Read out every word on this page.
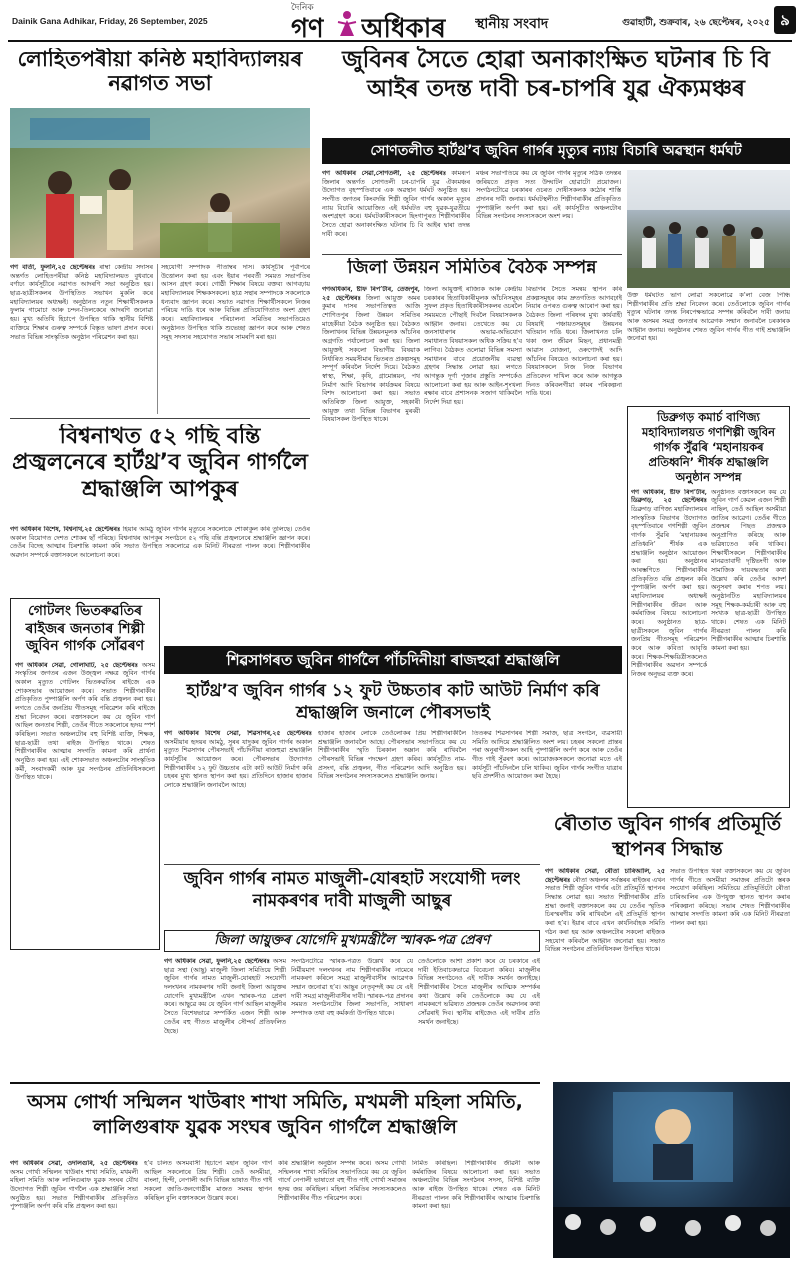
Dainik Gana Adhikar, Friday, 26 September, 2025
দৈনিক
গণ অধিকাৰ স্থানীয় সংবাদ	গুৱাহাটী, শুক্ৰবাৰ, ২৬ ছেপ্টেম্বৰ, ২০২৫ ৯
লোহিতপৰীয়া কনিষ্ঠ মহাবিদ্যালয়ৰ নৱাগত সভা
গণ বাৰ্তা, ফুলনি,২৫ ছেপ্টেম্বৰঃ ৰাম্বা কেন্দ্ৰীয় সদাসৰ অন্তৰ্গত লোহিতপৰীয়া কনিষ্ঠ মহাবিদ্যালয়ত বুধবাৰে বৰ্ণাঢ্য কাৰ্যসূচীৰে নৱাগত আদৰণি সভা অনুষ্ঠিত হয়। ছাত্ৰ-ছাত্ৰীসকলৰ উপস্থিতিত সভাখন মুকলি কৰে মহাবিদ্যালয়ৰ অধ্যক্ষই। অনুষ্ঠানত নতুন শিক্ষাৰ্থীসকলক ফুলাম গামোচা আৰু চন্দন-তিলকেৰে আদৰণি জনোৱা হয়। মুখ্য অতিথি হিচাপে উপস্থিত থাকি স্থানীয় বিশিষ্ট ব্যক্তিয়ে শিক্ষাৰ গুৰুত্ব সম্পৰ্কে বিস্তৃত ভাষণ প্ৰদান কৰে। সভাত বিভিন্ন সাংস্কৃতিক অনুষ্ঠান পৰিৱেশন কৰা হয়।
সহযোগী সম্পাদক পীতাম্বৰ দাস। কাৰ্যসূচীৰ পূৰ্বাপৰে উত্তোলন কৰা হয় এবং ইয়াৰ পৰবৰ্তী সময়ত সভাপতিৰ আসন গ্ৰহণ কৰে। গোষ্ঠী শিক্ষাৰ বিষয়ে বক্তব্য আগবঢ়ায় মহাবিদ্যালয়ৰ শিক্ষকসকলে। ছাত্ৰ সন্থাৰ সম্পাদকে সকলোকে ধন্যবাদ জ্ঞাপন কৰে। সভাত নৱাগত শিক্ষাৰ্থীসকলে নিজৰ পৰিচয় দাঙি ধৰে আৰু বিভিন্ন প্ৰতিযোগিতাত অংশ গ্ৰহণ কৰে। মহাবিদ্যালয়ৰ পৰিচালনা সমিতিৰ সভাপতিয়েও অনুষ্ঠানত উপস্থিত থাকি শুভেচ্ছা জ্ঞাপন কৰে আৰু শেষত সমূহ সদস্যৰ সহযোগত সভাৰ সামৰণি মৰা হয়।
বিশ্বনাথত ৫২ গছি বন্তি প্ৰজ্বলনেৰে হাৰ্টথ্ৰ’ব জুবিন গাৰ্গলৈ শ্ৰদ্ধাঞ্জলি আপকুৰ
গণ অধিকাৰ বিশেষ, বিশ্বনাথ,২৫ ছেপ্টেম্বৰঃ হিয়াৰ আমঠু জুবিন গাৰ্গৰ মৃত্যুৰে সকলোকে শোকাকুল কৰি তুলিছে। তেওঁৰ অকাল বিয়োগত দেশত শোকৰ ছাঁ পৰিছে। বিশ্বনাথৰ আপকুৰ সংগঠনে ৫২ গছি বন্তি প্ৰজ্বলনেৰে শ্ৰদ্ধাঞ্জলি জ্ঞাপন কৰে। তেওঁৰ বিদেহ আত্মাৰ চিৰশান্তি কামনা কৰি সভাত উপস্থিত সকলোৱে এক মিনিট নীৰৱতা পালন কৰে। শিল্পীগৰাকীৰ অৱদান সম্পৰ্কে বক্তাসকলে আলোচনা কৰে।
গোটলং ভিতৰুৱতিৰ ৰাইজৰ জনতাৰ শিল্পী জুবিন গাৰ্গক সোঁৱৰণ
গণ অধিকাৰ সেৱা, গোলাঘাট, ২৫ ছেপ্টেম্বৰঃ অসম সংস্কৃতিৰ জগতৰ এজন উজ্জ্বল নক্ষত্ৰ জুবিন গাৰ্গৰ অকাল মৃত্যুত গোটলং ভিতৰুৱতিৰ ৰাইজে এক শোকসভাৰ আয়োজন কৰে। সভাত শিল্পীগৰাকীৰ প্ৰতিকৃতিত পুষ্পাঞ্জলি অৰ্পণ কৰি বন্তি প্ৰজ্বলন কৰা হয়। লগতে তেওঁৰ জনপ্ৰিয় গীতসমূহ পৰিৱেশন কৰি ৰাইজে শ্ৰদ্ধা নিবেদন কৰে। বক্তাসকলে কয় যে জুবিন গাৰ্গ আছিল জনতাৰ শিল্পী, তেওঁৰ গীতে সকলোৰে হৃদয় স্পৰ্শ কৰিছিল। সভাত অঞ্চলটোৰ বহু বিশিষ্ট ব্যক্তি, শিক্ষক, ছাত্ৰ-ছাত্ৰী তথা ৰাইজ উপস্থিত থাকে। শেষত শিল্পীগৰাকীৰ আত্মাৰ সদগতি কামনা কৰি প্ৰাৰ্থনা অনুষ্ঠিত কৰা হয়। এই শোকসভাত অঞ্চলটোৰ সাংস্কৃতিক কৰ্মী, সংবাদকৰ্মী আৰু যুৱ সংগঠনৰ প্ৰতিনিধিসকলো উপস্থিত থাকে।
জুবিনৰ সৈতে হোৱা অনাকাংক্ষিত ঘটনাৰ চি বি আইৰ তদন্ত দাবী চৰ-চাপৰি যুৱ ঐক্যমঞ্চৰ
সোণতলীত হাৰ্টথ্ৰ’ব জুবিন গাৰ্গৰ মৃত্যুৰ ন্যায় বিচাৰি অৱস্থান ধৰ্মঘট
গণ অধিকাৰ সেৱা,সোণতলী, ২৫ ছেপ্টেম্বৰঃ কামৰূপ জিলাৰ অন্তৰ্গত সোণতলী চৰ-চাপৰি যুৱ ঐক্যমঞ্চৰ উদ্যোগত বৃহস্পতিবাৰে এক অৱস্থান ধৰ্মঘট অনুষ্ঠিত হয়। সংগীত জগতৰ কিংবদন্তি শিল্পী জুবিন গাৰ্গৰ অকাল মৃত্যুৰ ন্যায় বিচাৰি আয়োজিত এই ধৰ্মঘটত বহু যুৱক-যুৱতীয়ে অংশগ্ৰহণ কৰে। ধৰ্মঘটকাৰীসকলে ছিংগাপুৰত শিল্পীগৰাকীৰ সৈতে হোৱা অনাকাংক্ষিত ঘটনাৰ চি বি আইৰ দ্বাৰা তদন্ত দাবী কৰে।
মঞ্চৰ সভাপতিয়ে কয় যে জুবিন গাৰ্গৰ মৃত্যুৰ সঠিক তদন্তৰ জৰিয়তে প্ৰকৃত সত্য উদ্ঘাটন হোৱাটো প্ৰয়োজন। সংগঠনটোৱে চৰকাৰৰ ওচৰত দোষীসকলক কঠোৰ শাস্তি প্ৰদানৰ দাবী জনায়। ধৰ্মঘটস্থলীত শিল্পীগৰাকীৰ প্ৰতিকৃতিত পুষ্পাঞ্জলি অৰ্পণ কৰা হয়। এই কাৰ্যসূচীত অঞ্চলটোৰ বিভিন্ন সংগঠনৰ সদস্যসকলে অংশ লয়।
উক্ত ধৰ্মঘটত ভাগ লোৱা সকলোৱে ক’লা বেজ পিন্ধি শিল্পীগৰাকীৰ প্ৰতি শ্ৰদ্ধা নিবেদন কৰে। তেওঁলোকে জুবিন গাৰ্গৰ মৃত্যুৰ ঘটনাৰ তদন্ত নিৰপেক্ষভাৱে সম্পন্ন কৰিবলৈ দাবী জনায় আৰু অসমৰ সমগ্ৰ জনতাৰ আৱেগক সন্মান জনাবলৈ চৰকাৰক আহ্বান জনায়। অনুষ্ঠানৰ শেষত জুবিন গাৰ্গৰ গীত গাই শ্ৰদ্ধাঞ্জলি জনোৱা হয়।
জিলা উন্নয়ন সমিতিৰ বৈঠক সম্পন্ন
গণঅধিকাৰ, ষ্টাফ ৰিপ’ৰ্টাৰ, তেজপুৰ, ২৫ ছেপ্টেম্বৰঃ জিলা আয়ুক্ত অমৰ কুমাৰ দাসৰ সভাপতিত্বত আজি শোণিতপুৰ জিলা উন্নয়ন সমিতিৰ মাহেকীয়া বৈঠক অনুষ্ঠিত হয়। বৈঠকত জিলাখনৰ বিভিন্ন উন্নয়নমূলক আঁচনিৰ অগ্ৰগতি পৰ্যালোচনা কৰা হয়। জিলা আয়ুক্তই সকলো বিভাগীয় বিষয়াক নিৰ্ধাৰিত সময়সীমাৰ ভিতৰত প্ৰকল্পসমূহ সম্পূৰ্ণ কৰিবলৈ নিৰ্দেশ দিয়ে। বৈঠকত স্বাস্থ্য, শিক্ষা, কৃষি, গ্ৰামোন্নয়ন, পথ নিৰ্মাণ আদি বিভাগৰ কাৰ্যক্ৰমৰ বিষয়ে বিশদ আলোচনা কৰা হয়। সভাত অতিৰিক্ত জিলা আয়ুক্ত, সহকাৰী আয়ুক্ত তথা বিভিন্ন বিভাগৰ মুৰব্বী বিষয়াসকল উপস্থিত থাকে।
জিলা আয়ুক্তই ৰাজ্যিক আৰু কেন্দ্ৰীয় চৰকাৰৰ হিতাধিকাৰীমূলক আঁচনিসমূহৰ সুফল প্ৰকৃত হিতাধিকাৰীসকলৰ ওচৰলৈ সময়মতে পৌছাই দিবলৈ বিষয়াসকলক আহ্বান জনায়। তেখেতে কয় যে জনসাধাৰণৰ অভাৱ-অভিযোগ সমাধানত বিষয়াসকল অধিক সক্ৰিয় হ’ব লাগিব। বৈঠকত ওলোৱা বিভিন্ন সমস্যা সমাধানৰ বাবে প্ৰয়োজনীয় ব্যৱস্থা গ্ৰহণৰ সিদ্ধান্ত লোৱা হয়। লগতে আগন্তুক দূৰ্গা পূজাৰ প্ৰস্তুতি সম্পৰ্কেও আলোচনা কৰা হয় আৰু আইন-শৃংখলা ৰক্ষাৰ বাবে প্ৰশাসনক সজাগ থাকিবলৈ নিৰ্দেশ দিয়া হয়।
বিভাগৰ সৈতে সমন্বয় স্থাপন কৰি প্ৰকল্পসমূহৰ কাম দ্ৰুতগতিত আগবঢ়াই নিয়াৰ ওপৰত গুৰুত্ব আৰোপ কৰা হয়। বৈঠকত জিলা পৰিষদৰ মুখ্য কাৰ্যবাহী বিষয়াই পঞ্চায়তসমূহৰ উন্নয়নৰ খতিয়ান দাঙি ধৰে। জিলাখনত চলি থকা জল জীৱন মিছন, প্ৰধানমন্ত্ৰী আৱাস যোজনা, ওৰুণোদই আদি আঁচনিৰ বিষয়েও আলোচনা কৰা হয়। বিষয়াসকলে নিজ নিজ বিভাগৰ প্ৰতিবেদন দাখিল কৰে আৰু আগন্তুক দিনত কৰিবলগীয়া কামৰ পৰিকল্পনা দাঙি ধৰে।
ডিব্ৰুগড় কমাৰ্চ বাণিজ্য মহাবিদ্যালয়ত গণশিল্পী জুবিন গাৰ্গক সুঁৱৰি ‘মহানায়কৰ প্ৰতিধ্বনি’ শীৰ্ষক শ্ৰদ্ধাঞ্জলি অনুষ্ঠান সম্পন্ন
গণ অধিকাৰ, ষ্টাফ ৰিপ’ৰ্টাৰ, ডিব্ৰুগড়, ২৫ ছেপ্টেম্বৰঃ ডিব্ৰুগড় বাণিজ্য মহাবিদ্যালয়ৰ সাংস্কৃতিক বিভাগৰ উদ্যোগত বৃহস্পতিবাৰে গণশিল্পী জুবিন গাৰ্গক সুঁৱৰি ‘মহানায়কৰ প্ৰতিধ্বনি’ শীৰ্ষক এক শ্ৰদ্ধাঞ্জলি অনুষ্ঠান আয়োজন কৰা হয়। অনুষ্ঠানৰ আৰম্ভণিতে শিল্পীগৰাকীৰ প্ৰতিকৃতিত বন্তি প্ৰজ্বলন কৰি পুষ্পাঞ্জলি অৰ্পণ কৰা হয়। মহাবিদ্যালয়ৰ অধ্যক্ষই শিল্পীগৰাকীৰ জীৱন আৰু কৰ্মৰাজিৰ বিষয়ে আলোচনা কৰে। অনুষ্ঠানত ছাত্ৰ-ছাত্ৰীসকলে জুবিন গাৰ্গৰ জনপ্ৰিয় গীতসমূহ পৰিৱেশন কৰে আৰু কবিতা আবৃত্তি কৰে। শিক্ষক-শিক্ষয়িত্ৰীসকলেও শিল্পীগৰাকীৰ অৱদান সম্পৰ্কে নিজৰ অনুভৱ ব্যক্ত কৰে।
অনুষ্ঠানত বক্তাসকলে কয় যে জুবিন গাৰ্গ কেৱল এজন শিল্পী নাছিল, তেওঁ আছিল অসমীয়া জাতিৰ আৱেগ। তেওঁৰ গীতে প্ৰজন্মৰ পিছত প্ৰজন্মক অনুপ্ৰাণিত কৰিছে আৰু ভৱিষ্যতেও কৰি থাকিব। শিক্ষাৰ্থীসকলে শিল্পীগৰাকীৰ মানৱতাবাদী দৃষ্টিভংগী আৰু সামাজিক দায়বদ্ধতাৰ কথা উল্লেখ কৰি তেওঁৰ আদৰ্শ অনুসৰণ কৰাৰ শপত লয়। অনুষ্ঠানটিত মহাবিদ্যালয়ৰ সমূহ শিক্ষক-কৰ্মচাৰী আৰু বহু সংখ্যক ছাত্ৰ-ছাত্ৰী উপস্থিত থাকে। শেষত এক মিনিট নীৰৱতা পালন কৰি শিল্পীগৰাকীৰ আত্মাৰ চিৰশান্তি কামনা কৰা হয়।
শিৱসাগৰত জুবিন গাৰ্গলৈ পাঁচদিনীয়া ৰাজহুৱা শ্ৰদ্ধাঞ্জলি
হাৰ্টথ্ৰ’ব জুবিন গাৰ্গৰ ১২ ফুট উচ্চতাৰ কাট আউট নিৰ্মাণ কৰি শ্ৰদ্ধাঞ্জলি জনালে পৌৰসভাই
গণ অধিকাৰ বিশেষ সেৱা, শিৱসাগৰ,২৫ ছেপ্টেম্বৰঃ অসমীয়াৰ হৃদয়ৰ আমঠু, সুৰৰ যাদুকৰ জুবিন গাৰ্গৰ অকাল মৃত্যুত শিৱসাগৰ পৌৰসভাই পাঁচদিনীয়া ৰাজহুৱা শ্ৰদ্ধাঞ্জলি কাৰ্যসূচীৰ আয়োজন কৰে। পৌৰসভাৰ উদ্যোগত শিল্পীগৰাকীৰ ১২ ফুট উচ্চতাৰ এটা কাট আউট নিৰ্মাণ কৰি চহৰৰ মুখ্য স্থানত স্থাপন কৰা হয়। প্ৰতিদিনে হাজাৰ হাজাৰ লোকে শ্ৰদ্ধাঞ্জলি জনাবলৈ আহে।
হাজাৰ হাজাৰ লোকে তেওঁলোকৰ প্ৰিয় শিল্পীগৰাকীলৈ শ্ৰদ্ধাঞ্জলি জনাবলৈ আহে। পৌৰসভাৰ সভাপতিয়ে কয় যে শিল্পীগৰাকীৰ স্মৃতি চিৰকাল অম্লান কৰি ৰাখিবলৈ পৌৰসভাই বিভিন্ন পদক্ষেপ গ্ৰহণ কৰিব। কাৰ্যসূচীত নাম-প্ৰসংগ, বন্তি প্ৰজ্বলন, গীত পৰিৱেশন আদি অনুষ্ঠিত হয়। বিভিন্ন সংগঠনৰ সদস্যসকলেও শ্ৰদ্ধাঞ্জলি জনায়।
তিতৰুৱ শিৱসাগৰৰ শিল্পী সমাজ, ছাত্ৰ সংগঠন, ব্যৱসায়ী সমিতি আদিয়ে শ্ৰদ্ধাঞ্জলিত অংশ লয়। চহৰৰ সকলো প্ৰান্তৰ পৰা অনুৰাগীসকল আহি পুষ্পাঞ্জলি অৰ্পণ কৰে আৰু তেওঁৰ গীত গাই সুঁৱৰণ কৰে। আয়োজকসকলে জনোৱা মতে এই কাৰ্যসূচী পাঁচদিনলৈ চলি থাকিব। জুবিন গাৰ্গৰ সংগীত যাত্ৰাৰ ছবি প্ৰদৰ্শনীও আয়োজন কৰা হৈছে।
ৰৌতাত জুবিন গাৰ্গৰ প্ৰতিমূৰ্তি স্থাপনৰ সিদ্ধান্ত
গণ অধিকাৰ সেৱা, ৰৌতা চাৰিআলি, ২৫ ছেপ্টেম্বৰঃ ৰৌতা অঞ্চলৰ সৰ্বস্তৰৰ ৰাইজৰ এখন সভাত শিল্পী জুবিন গাৰ্গৰ এটা প্ৰতিমূৰ্তি স্থাপনৰ সিদ্ধান্ত লোৱা হয়। সভাত শিল্পীগৰাকীৰ প্ৰতি শ্ৰদ্ধা জনাই বক্তাসকলে কয় যে তেওঁৰ স্মৃতিক চিৰস্মৰণীয় কৰি ৰাখিবলৈ এই প্ৰতিমূৰ্তি স্থাপন কৰা হ’ব। ইয়াৰ বাবে এখন কাৰ্যনিৰ্বাহক সমিতি গঠন কৰা হয় আৰু অঞ্চলটোৰ সকলো ৰাইজক সহযোগ কৰিবলৈ আহ্বান জনোৱা হয়। সভাত বিভিন্ন সংগঠনৰ প্ৰতিনিধিসকল উপস্থিত থাকে।
সভাত উপস্থিত থকা বক্তাসকলে কয় যে জুবিন গাৰ্গৰ গীতে অসমীয়া সমাজৰ প্ৰতিটো স্তৰক সংযোগ কৰিছিল। সমিতিয়ে প্ৰতিমূৰ্তিটো ৰৌতা চাৰিআলিৰ এক উপযুক্ত স্থানত স্থাপন কৰাৰ পৰিকল্পনা কৰিছে। সভাৰ শেষত শিল্পীগৰাকীৰ আত্মাৰ সদগতি কামনা কৰি এক মিনিট নীৰৱতা পালন কৰা হয়।
জুবিন গাৰ্গৰ নামত মাজুলী-যোৰহাট সংযোগী দলং নামকৰণৰ দাবী মাজুলী আছুৰ
জিলা আয়ুক্তৰ যোগেদি মুখ্যমন্ত্ৰীলৈ স্মাৰক-পত্ৰ প্ৰেৰণ
গণ অধিকাৰ সেৱা, ফুলনি,২৫ ছেপ্টেম্বৰঃ অসম ছাত্ৰ সন্থা (আছু) মাজুলী জিলা সমিতিয়ে শিল্পী জুবিন গাৰ্গৰ নামত মাজুলী-যোৰহাট সংযোগী দলংখনৰ নামকৰণৰ দাবী জনাই জিলা আয়ুক্তৰ যোগেদি মুখ্যমন্ত্ৰীলৈ এখন স্মাৰক-পত্ৰ প্ৰেৰণ কৰে। আছুৱে কয় যে জুবিন গাৰ্গ আছিল মাজুলীৰ সৈতে বিশেষভাৱে সম্পৰ্কিত এজন শিল্পী আৰু তেওঁৰ বহু গীতত মাজুলীৰ সৌন্দৰ্য প্ৰতিফলিত হৈছে।
সংগঠনটোৱে স্মাৰক-পত্ৰত উল্লেখ কৰে যে নিৰ্মীয়মাণ দলংখনৰ নাম শিল্পীগৰাকীৰ নামেৰে নামকৰণ কৰিলে সমগ্ৰ মাজুলীবাসীৰ আৱেগক সন্মান জনোৱা হ’ব। আছুৰ নেতৃবৃন্দই কয় যে এই দাবী সমগ্ৰ মাজুলীবাসীৰ দাবী। স্মাৰক-পত্ৰ প্ৰদানৰ সময়ত সংগঠনটোৰ জিলা সভাপতি, সাধাৰণ সম্পাদক তথা বহু কৰ্মকৰ্তা উপস্থিত থাকে।
তেওঁলোকে আশা প্ৰকাশ কৰে যে চৰকাৰে এই দাবী ইতিবাচকভাৱে বিবেচনা কৰিব। মাজুলীৰ বিভিন্ন সংগঠনেও এই দাবীক সমৰ্থন জনাইছে। শিল্পীগৰাকীৰ সৈতে মাজুলীৰ আত্মিক সম্পৰ্কৰ কথা উল্লেখ কৰি তেওঁলোকে কয় যে এই নামকৰণে ভৱিষ্যত প্ৰজন্মক তেওঁৰ অৱদানৰ কথা সোঁৱৰাই দিব। স্থানীয় ৰাইজেও এই দাবীৰ প্ৰতি সমৰ্থন জনাইছে।
অসম গোৰ্খা সন্মিলন খাউৰাং শাখা সমিতি, মখমলী মহিলা সমিতি, লালিগুৰাফ যুৱক সংঘৰ জুবিন গাৰ্গলৈ শ্ৰদ্ধাঞ্জলি
গণ অধিকাৰ সেৱা, ওদালগুৰি, ২৫ ছেপ্টেম্বৰঃ অসম গোৰ্খা সন্মিলন খাউৰাং শাখা সমিতি, মখমলী মহিলা সমিতি আৰু লালিগুৰাফ যুৱক সংঘৰ যৌথ উদ্যোগত শিল্পী জুবিন গাৰ্গলৈ এক শ্ৰদ্ধাঞ্জলি সভা অনুষ্ঠিত হয়। সভাত শিল্পীগৰাকীৰ প্ৰতিকৃতিত পুষ্পাঞ্জলি অৰ্পণ কৰি বন্তি প্ৰজ্বলন কৰা হয়।
হ’ব চলিত অসমবাসী হিচাপে মহান জুবিন গাৰ্গ আছিল সকলোৰে প্ৰিয় শিল্পী। তেওঁ অসমীয়া, বাংলা, হিন্দী, নেপালী আদি বিভিন্ন ভাষাত গীত গাই সকলো জাতি-জনগোষ্ঠীৰ মাজত সমন্বয় স্থাপন কৰিছিল বুলি বক্তাসকলে উল্লেখ কৰে।
কৰি শ্ৰদ্ধাঞ্জলি অনুষ্ঠান সম্পন্ন কৰে। অসম গোৰ্খা সন্মিলনৰ শাখা সমিতিৰ সভাপতিয়ে কয় যে জুবিন গাৰ্গে নেপালী ভাষাতো বহু গীত গাই গোৰ্খা সমাজৰ হৃদয় জয় কৰিছিল। মহিলা সমিতিৰ সদস্যসকলেও শিল্পীগৰাকীৰ গীত পৰিৱেশন কৰে।
নিৰ্মিত কৰিছিল। শিল্পীগৰাকীৰ জীৱনী আৰু কৰ্মৰাজিৰ বিষয়ে আলোচনা কৰা হয়। সভাত অঞ্চলটোৰ বিভিন্ন সংগঠনৰ সদস্য, বিশিষ্ট ব্যক্তি আৰু ৰাইজ উপস্থিত থাকে। শেষত এক মিনিট নীৰৱতা পালন কৰি শিল্পীগৰাকীৰ আত্মাৰ চিৰশান্তি কামনা কৰা হয়।
